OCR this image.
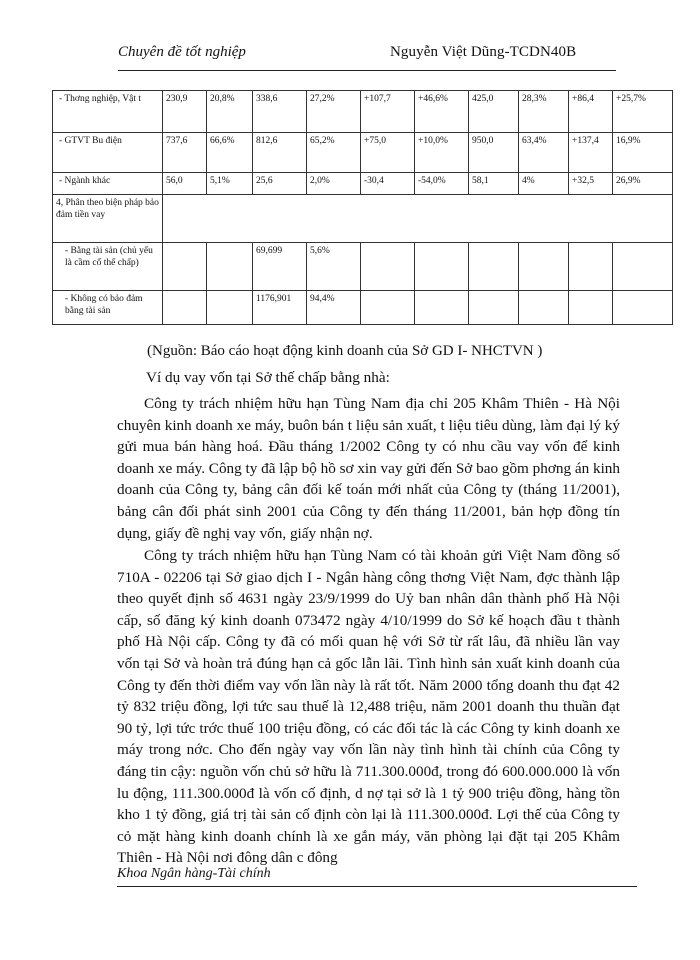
Chuyên đề tốt nghiệp	Nguyễn Việt Dũng-TCDN40B
- Thơng nghiệp, Vật t	230,9	20,8%	338,6	27,2%	+107,7	+46,6%	425,0	28,3%	+86,4	+25,7%
- GTVT Bu điện	737,6	66,6%	812,6	65,2%	+75,0	+10,0%	950,0	63,4%	+137,4	16,9%
- Ngành khác	56,0	5,1%	25,6	2,0%	-30,4	-54,0%	58,1	4%	+32,5	26,9%
4, Phân theo biện pháp bảo đảm tiền vay										
- Bằng tài sản (chủ yếu là cầm cố thế chấp)			69,699	5,6%						
- Không có bảo đảm bằng tài sản			1176,901	94,4%						
(Nguồn: Báo cáo hoạt động kinh doanh của Sở GD I- NHCTVN )

Ví dụ vay vốn tại Sở thế chấp bằng nhà:

Công ty trách nhiệm hữu hạn Tùng Nam địa chỉ 205 Khâm Thiên - Hà Nội chuyên kinh doanh xe máy, buôn bán t liệu sản xuất, t liệu tiêu dùng, làm đại lý ký gửi mua bán hàng hoá. Đầu tháng 1/2002 Công ty có nhu cầu vay vốn để kinh doanh xe máy. Công ty đã lập bộ hồ sơ xin vay gửi đến Sở bao gồm phơng án kinh doanh của Công ty, bảng cân đối kế toán mới nhất của Công ty (tháng 11/2001), bảng cân đối phát sinh 2001 của Công ty đến tháng 11/2001, bản hợp đồng tín dụng, giấy đề nghị vay vốn, giấy nhận nợ.

Công ty trách nhiệm hữu hạn Tùng Nam có tài khoản gửi Việt Nam đồng số 710A - 02206 tại Sở giao dịch I - Ngân hàng công thơng Việt Nam, đợc thành lập theo quyết định số 4631 ngày 23/9/1999 do Uỷ ban nhân dân thành phố Hà Nội cấp, số đăng ký kinh doanh 073472 ngày 4/10/1999 do Sở kế hoạch đầu t thành phố Hà Nội cấp. Công ty đã có mối quan hệ với Sở từ rất lâu, đã nhiều lần vay vốn tại Sở và hoàn trả đúng hạn cả gốc lẫn lãi. Tình hình sản xuất kinh doanh của Công ty đến thời điểm vay vốn lần này là rất tốt. Năm 2000 tổng doanh thu đạt 42 tỷ 832 triệu đồng, lợi tức sau thuế là 12,488 triệu, năm 2001 doanh thu thuần đạt 90 tỷ, lợi tức trớc thuế 100 triệu đồng, có các đối tác là các Công ty kinh doanh xe máy trong nớc. Cho đến ngày vay vốn lần này tình hình tài chính của Công ty đáng tin cậy: nguồn vốn chủ sở hữu là 711.300.000đ, trong đó 600.000.000 là vốn lu động, 111.300.000đ là vốn cố định, d nợ tại sở là 1 tỷ 900 triệu đồng, hàng tồn kho 1 tỷ đồng, giá trị tài sản cố định còn lại là 111.300.000đ. Lợi thế của Công ty cỏ mặt hàng kinh doanh chính là xe gắn máy, văn phòng lại đặt tại 205 Khâm Thiên - Hà Nội nơi đông dân c đông

Khoa Ngân hàng-Tài chính
